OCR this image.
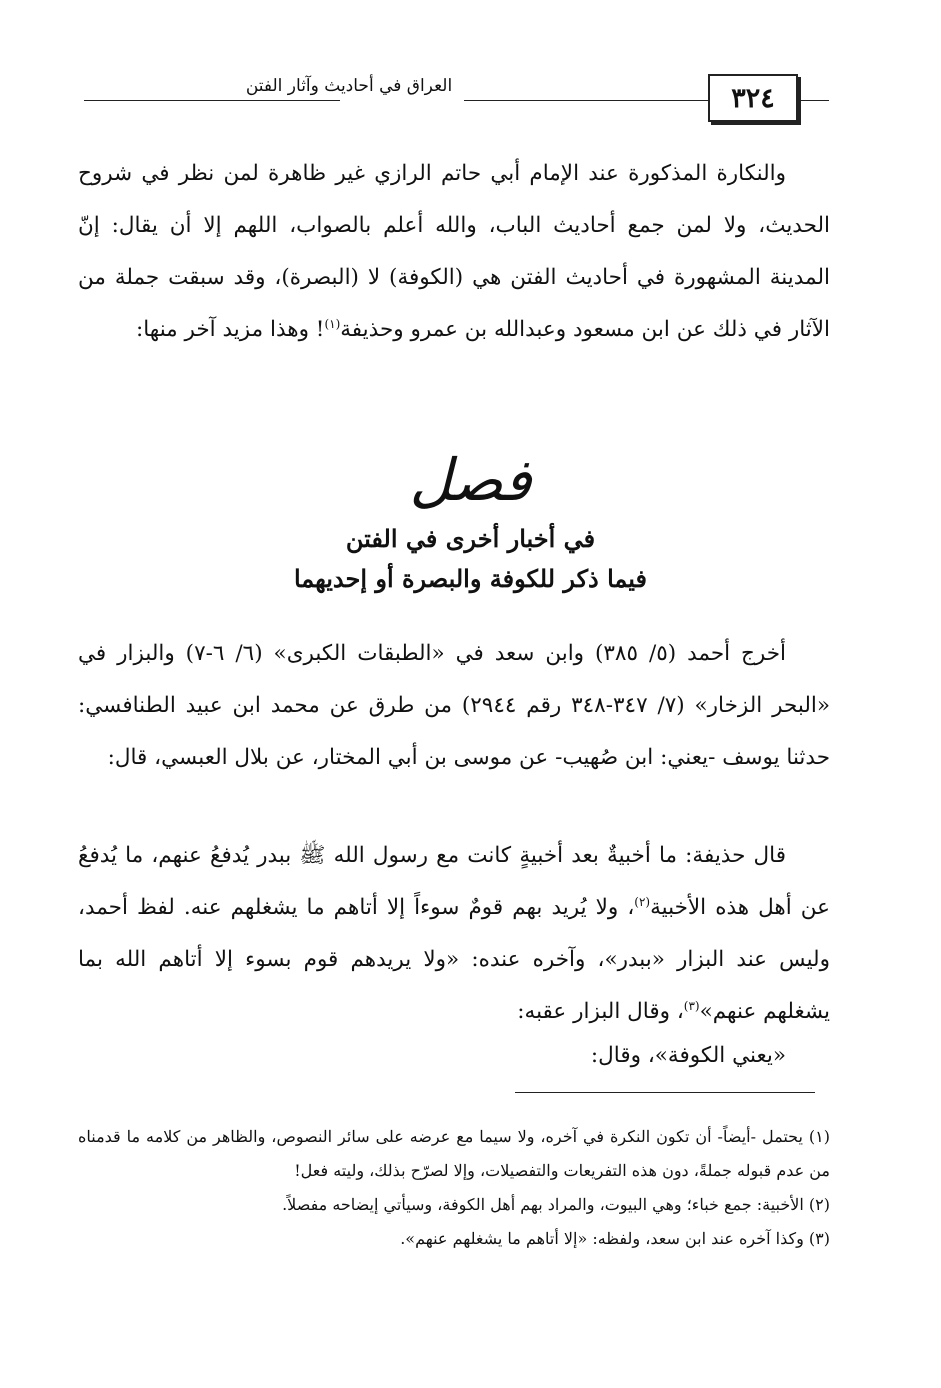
العراق في أحاديث وآثار الفتن	٣٢٤

والنكارة المذكورة عند الإمام أبي حاتم الرازي غير ظاهرة لمن نظر في شروح الحديث، ولا لمن جمع أحاديث الباب، والله أعلم بالصواب، اللهم إلا أن يقال: إنّ المدينة المشهورة في أحاديث الفتن هي (الكوفة) لا (البصرة)، وقد سبقت جملة من الآثار في ذلك عن ابن مسعود وعبدالله بن عمرو وحذيفة$^{(١)}$! وهذا مزيد آخر منها:

فصل
في أخبار أخرى في الفتن
فيما ذكر للكوفة والبصرة أو إحديهما

أخرج أحمد (٥/ ٣٨٥) وابن سعد في «الطبقات الكبرى» (٦/ ٦-٧) والبزار في «البحر الزخار» (٧/ ٣٤٧-٣٤٨ رقم ٢٩٤٤) من طرق عن محمد ابن عبيد الطنافسي: حدثنا يوسف -يعني: ابن صُهيب- عن موسى بن أبي المختار، عن بلال العبسي، قال:

قال حذيفة: ما أخبيةٌ بعد أخبيةٍ كانت مع رسول الله ﷺ ببدر يُدفعُ عنهم، ما يُدفعُ عن أهل هذه الأخبية$^{(٢)}$، ولا يُريد بهم قومٌ سوءاً إلا أتاهم ما يشغلهم عنه. لفظ أحمد، وليس عند البزار «ببدر»، وآخره عنده: «ولا يريدهم قوم بسوء إلا أتاهم الله بما يشغلهم عنهم»$^{(٣)}$، وقال البزار عقبه:

«يعني الكوفة»، وقال:

(١) يحتمل -أيضاً- أن تكون النكرة في آخره، ولا سيما مع عرضه على سائر النصوص، والظاهر من كلامه ما قدمناه من عدم قبوله جملةً، دون هذه التفريعات والتفصيلات، وإلا لصرّح بذلك، وليته فعل!
(٢) الأخبية: جمع خباء؛ وهي البيوت، والمراد بهم أهل الكوفة، وسيأتي إيضاحه مفصلاً.
(٣) وكذا آخره عند ابن سعد، ولفظه: «إلا أتاهم ما يشغلهم عنهم».
